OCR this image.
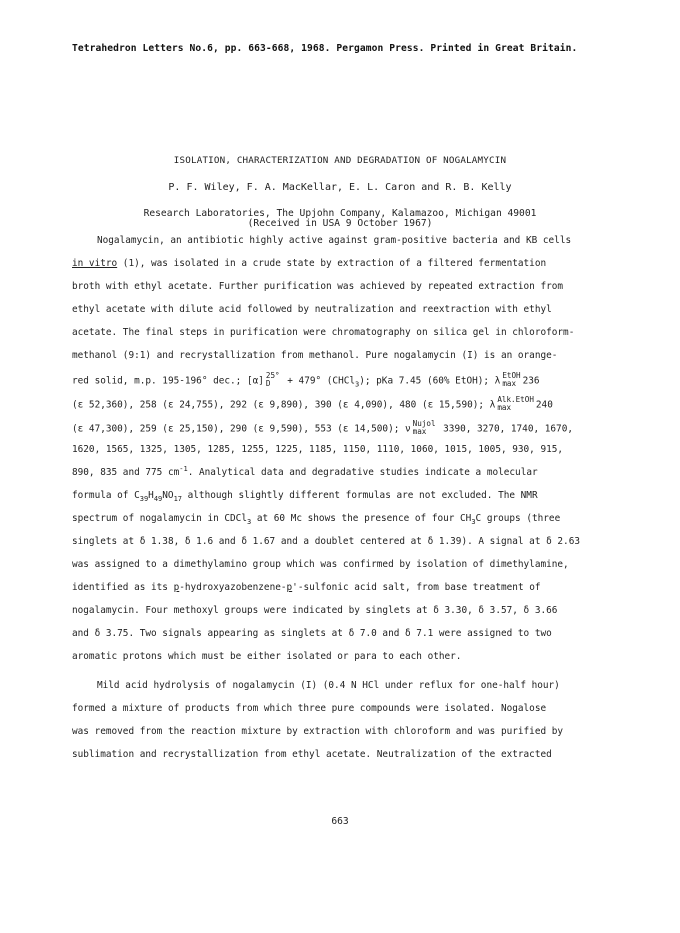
Tetrahedron Letters No.6, pp. 663-668, 1968. Pergamon Press. Printed in Great Britain.
ISOLATION, CHARACTERIZATION AND DEGRADATION OF NOGALAMYCIN
P. F. Wiley, F. A. MacKellar, E. L. Caron and R. B. Kelly
Research Laboratories, The Upjohn Company, Kalamazoo, Michigan 49001
(Received in USA 9 October 1967)
Nogalamycin, an antibiotic highly active against gram-positive bacteria and KB cells
in vitro (1), was isolated in a crude state by extraction of a filtered fermentation
broth with ethyl acetate. Further purification was achieved by repeated extraction from
ethyl acetate with dilute acid followed by neutralization and reextraction with ethyl
acetate. The final steps in purification were chromatography on silica gel in chloroform-
methanol (9:1) and recrystallization from methanol. Pure nogalamycin (I) is an orange-
red solid, m.p. 195-196° dec.; [α] 25°
D + 479° (CHCl$_3$); pKa 7.45 (60% EtOH); λ EtOH
max 236
(ε 52,360), 258 (ε 24,755), 292 (ε 9,890), 390 (ε 4,090), 480 (ε 15,590); λ Alk.EtOH
max	240
(ε 47,300), 259 (ε 25,150), 290 (ε 9,590), 553 (ε 14,500); ν Nujol
max 3390, 3270, 1740, 1670,
1620, 1565, 1325, 1305, 1285, 1255, 1225, 1185, 1150, 1110, 1060, 1015, 1005, 930, 915,
890, 835 and 775 $cm^{-1}$. Analytical data and degradative studies indicate a molecular
formula of $C_{39}H_{49}NO_{17}$ although slightly different formulas are not excluded. The NMR
spectrum of nogalamycin in CDCl$_3$ at 60 Mc shows the presence of four $CH_3C$ groups (three
singlets at δ 1.38, δ 1.6 and δ 1.67 and a doublet centered at δ 1.39). A signal at δ 2.63
was assigned to a dimethylamino group which was confirmed by isolation of dimethylamine,
identified as its p-hydroxyazobenzene-p'-sulfonic acid salt, from base treatment of
nogalamycin. Four methoxyl groups were indicated by singlets at δ 3.30, δ 3.57, δ 3.66
and δ 3.75. Two signals appearing as singlets at δ 7.0 and δ 7.1 were assigned to two
aromatic protons which must be either isolated or para to each other.
Mild acid hydrolysis of nogalamycin (I) (0.4 N HCl under reflux for one-half hour)
formed a mixture of products from which three pure compounds were isolated. Nogalose
was removed from the reaction mixture by extraction with chloroform and was purified by
sublimation and recrystallization from ethyl acetate. Neutralization of the extracted
663
